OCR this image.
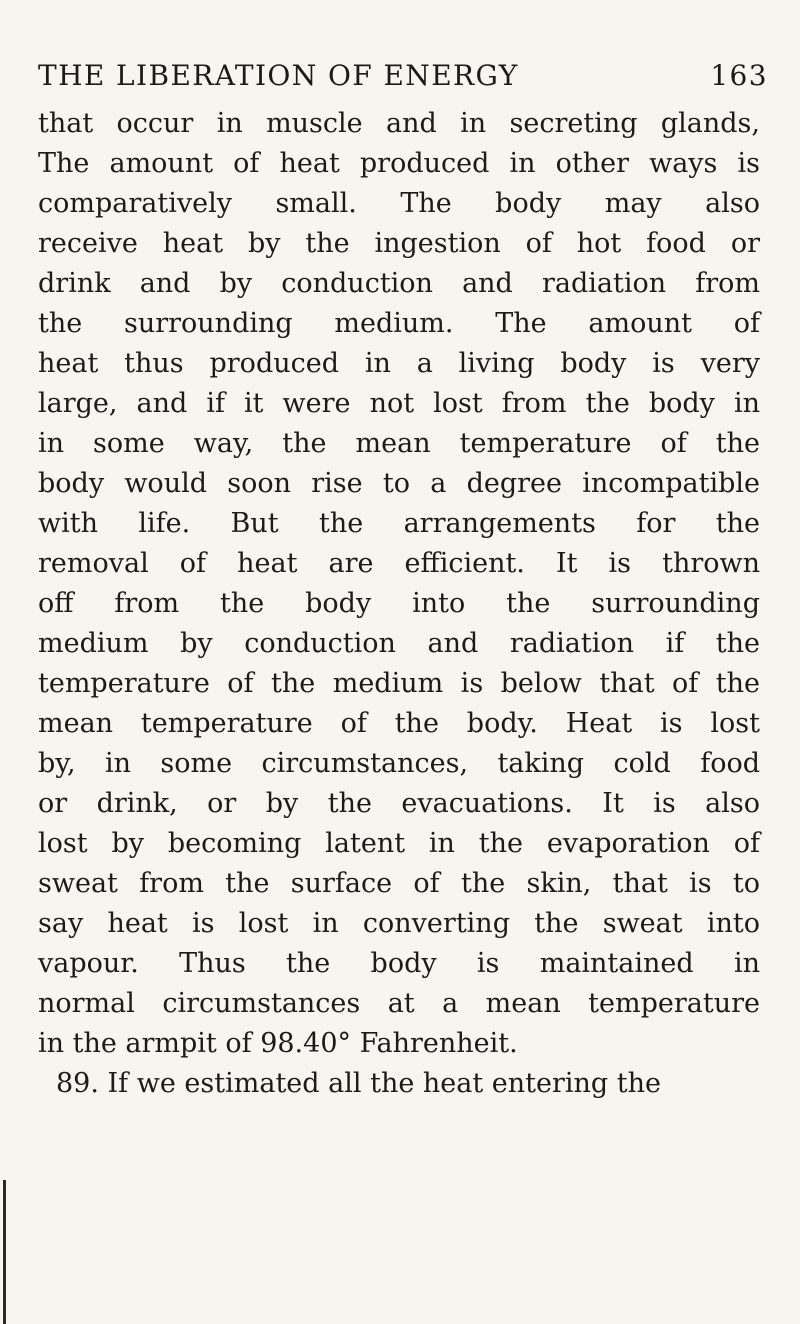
THE LIBERATION OF ENERGY	163
that occur in muscle and in secreting glands,
The amount of heat produced in other ways is
comparatively small. The body may also
receive heat by the ingestion of hot food or
drink and by conduction and radiation from
the surrounding medium. The amount of
heat thus produced in a living body is very
large, and if it were not lost from the body in
in some way, the mean temperature of the
body would soon rise to a degree incompatible
with life. But the arrangements for the
removal of heat are efficient. It is thrown
off from the body into the surrounding
medium by conduction and radiation if the
temperature of the medium is below that of the
mean temperature of the body. Heat is lost
by, in some circumstances, taking cold food
or drink, or by the evacuations. It is also
lost by becoming latent in the evaporation of
sweat from the surface of the skin, that is to
say heat is lost in converting the sweat into
vapour. Thus the body is maintained in
normal circumstances at a mean temperature
in the armpit of 98.40° Fahrenheit.
89. If we estimated all the heat entering the
